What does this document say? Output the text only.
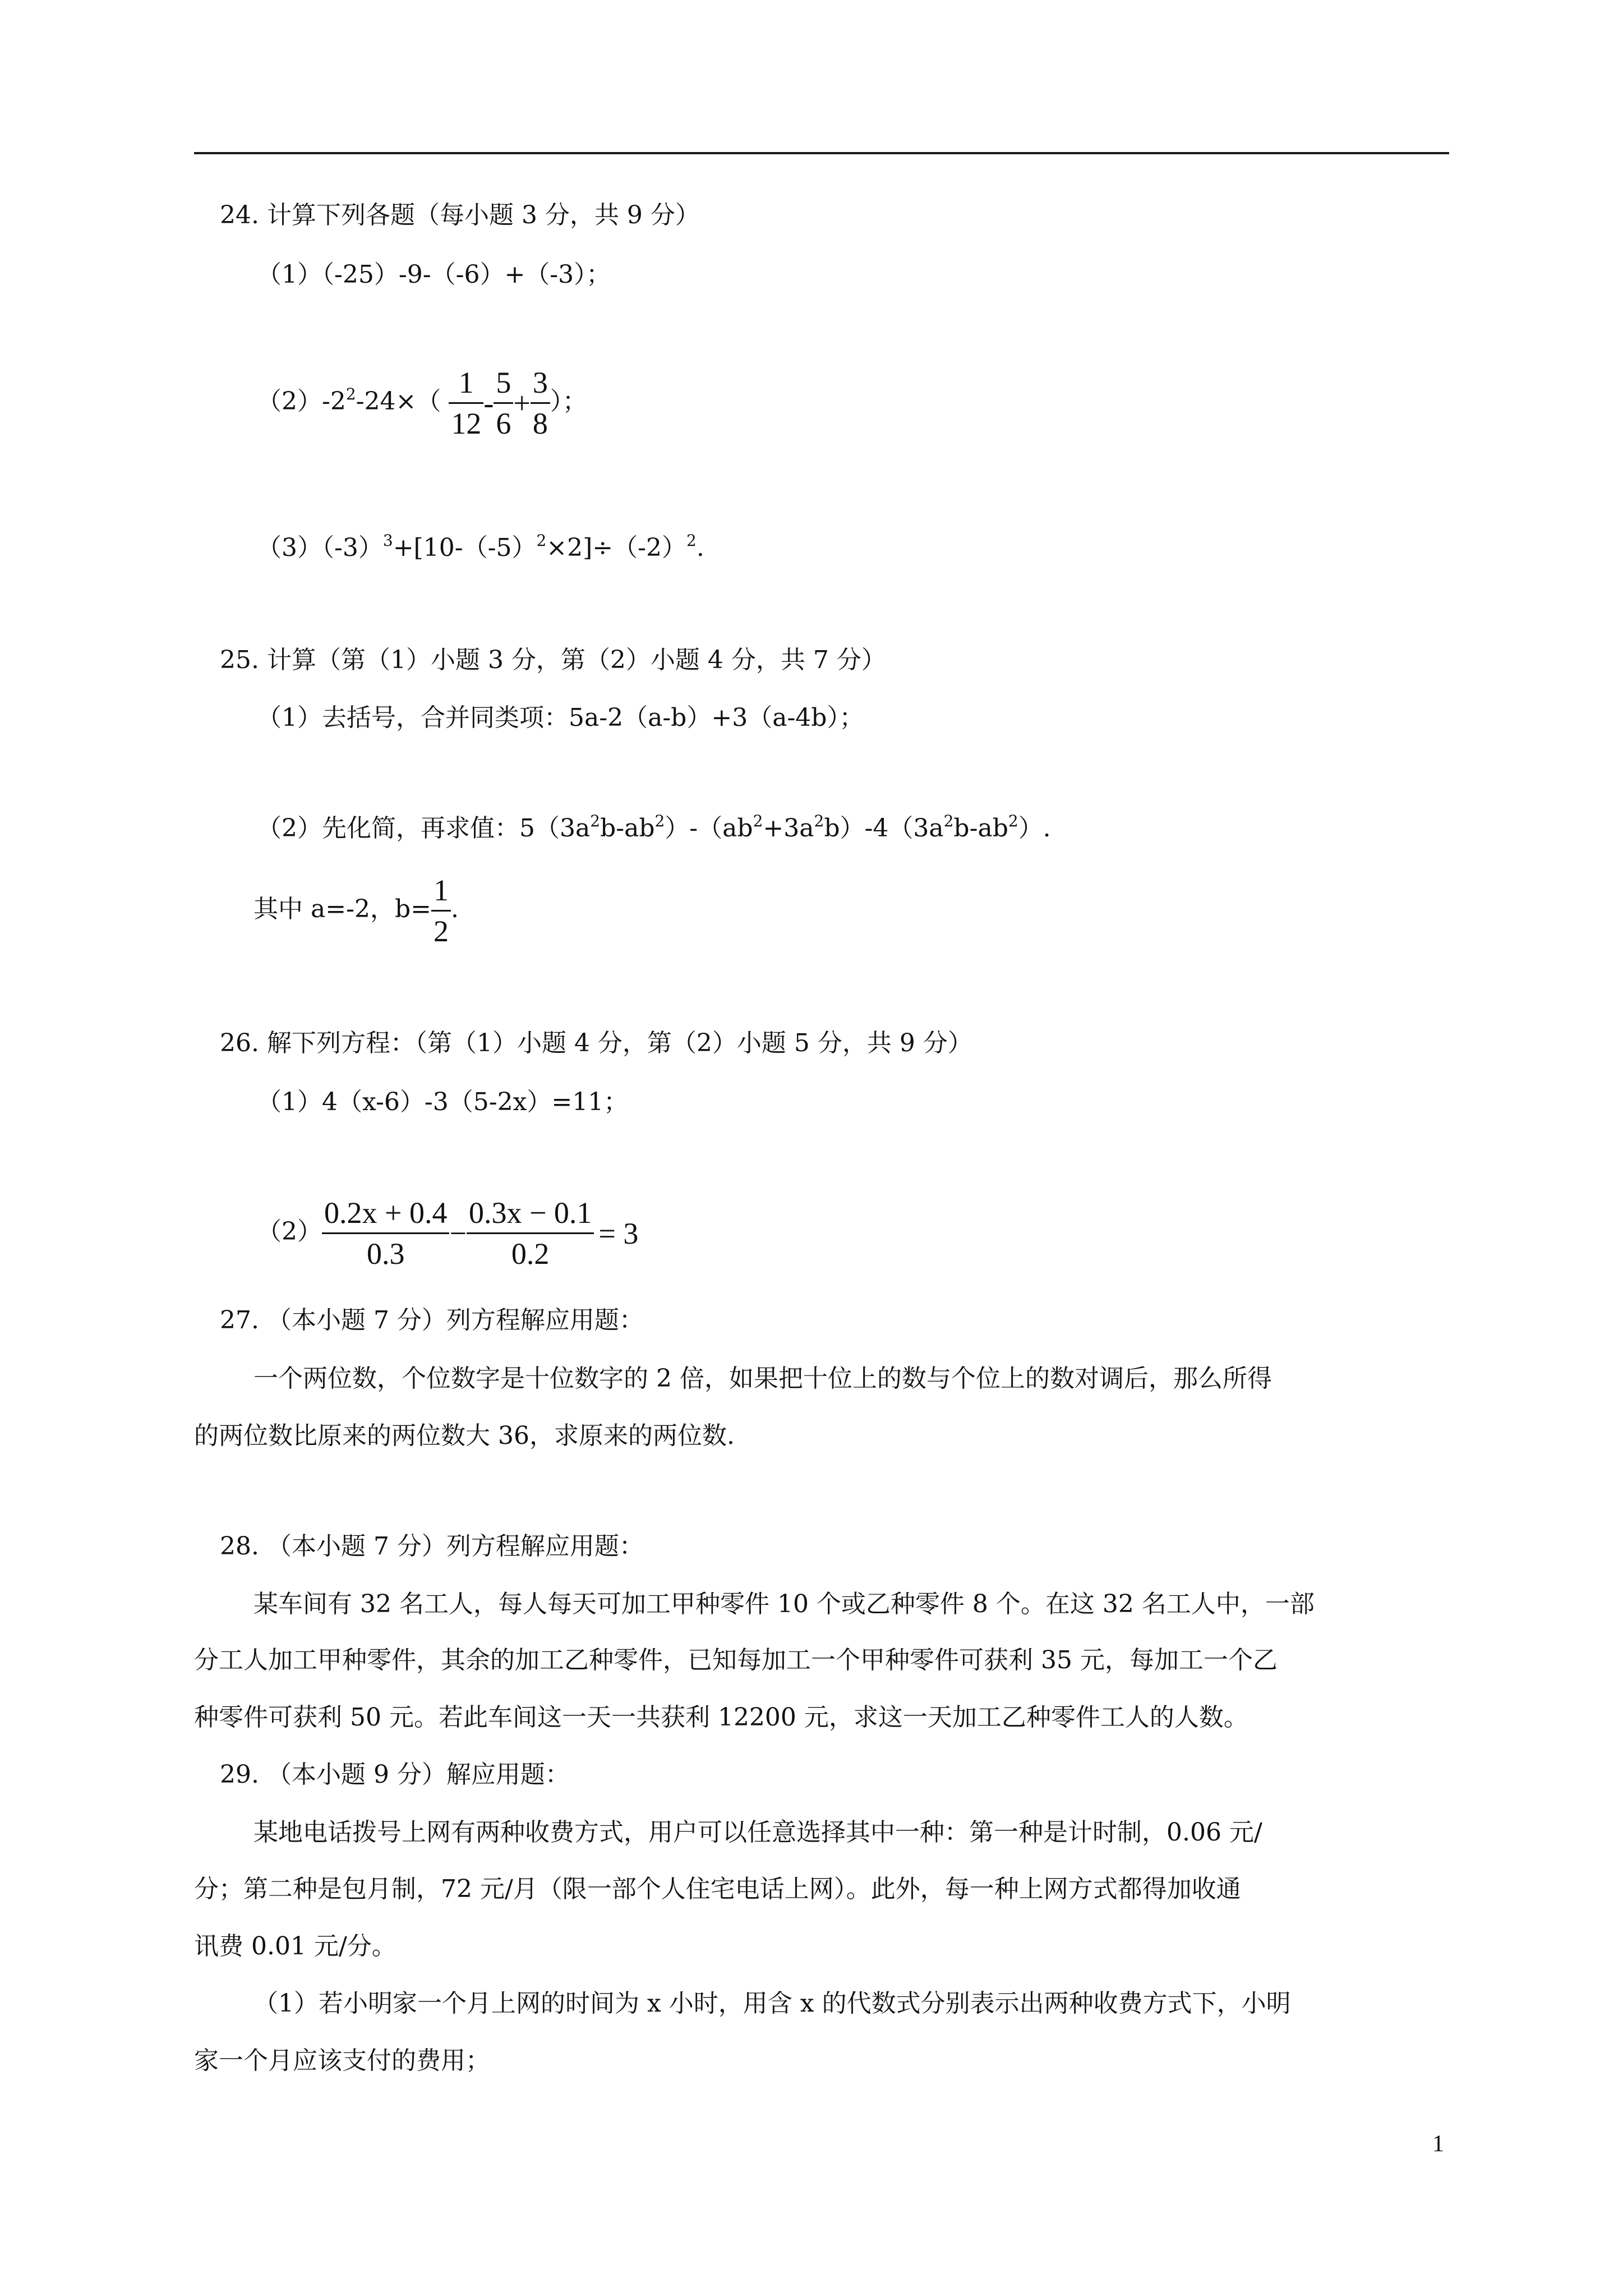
24. 计算下列各题（每小题 3 分，共 9 分）
（1）（-25）-9-（-6）+（-3）；
$(2)-2^2-24\times( \frac{1}{12} - \frac{5}{6} + \frac{3}{8}$ ）；
$(3)(-3)^3+[10-(-5)^2\times 2]\div(-2)^2$.
25. 计算（第（1）小题 3 分，第（2）小题 4 分，共 7 分）
（1）去括号，合并同类项：5a-2（a-b）+3（a-4b）；
（2）先化简，再求值：$5(3a^2b-ab^2)-(ab^2+3a^2b)-4(3a^2b-ab^2)$.
其中 a=-2，$b= \frac{1}{2}$ .
26. 解下列方程：（第（1）小题 4 分，第（2）小题 5 分，共 9 分）
（1）4（x-6）-3（5-2x）=11；
$(2) \frac{0.2x + 0.4}{0.3} - \frac{0.3x - 0.1}{0.2} = 3$
27. （本小题 7 分）列方程解应用题：
一个两位数，个位数字是十位数字的 2 倍，如果把十位上的数与个位上的数对调后，那么所得
的两位数比原来的两位数大 36，求原来的两位数.
28. （本小题 7 分）列方程解应用题：
某车间有 32 名工人，每人每天可加工甲种零件 10 个或乙种零件 8 个。在这 32 名工人中，一部
分工人加工甲种零件，其余的加工乙种零件，已知每加工一个甲种零件可获利 35 元，每加工一个乙
种零件可获利 50 元。若此车间这一天一共获利 12200 元，求这一天加工乙种零件工人的人数。
29. （本小题 9 分）解应用题：
某地电话拨号上网有两种收费方式，用户可以任意选择其中一种：第一种是计时制，0.06 元/
分；第二种是包月制，72 元/月（限一部个人住宅电话上网）。此外，每一种上网方式都得加收通
讯费 0.01 元/分。
（1）若小明家一个月上网的时间为 x 小时，用含 x 的代数式分别表示出两种收费方式下，小明
家一个月应该支付的费用；
1
